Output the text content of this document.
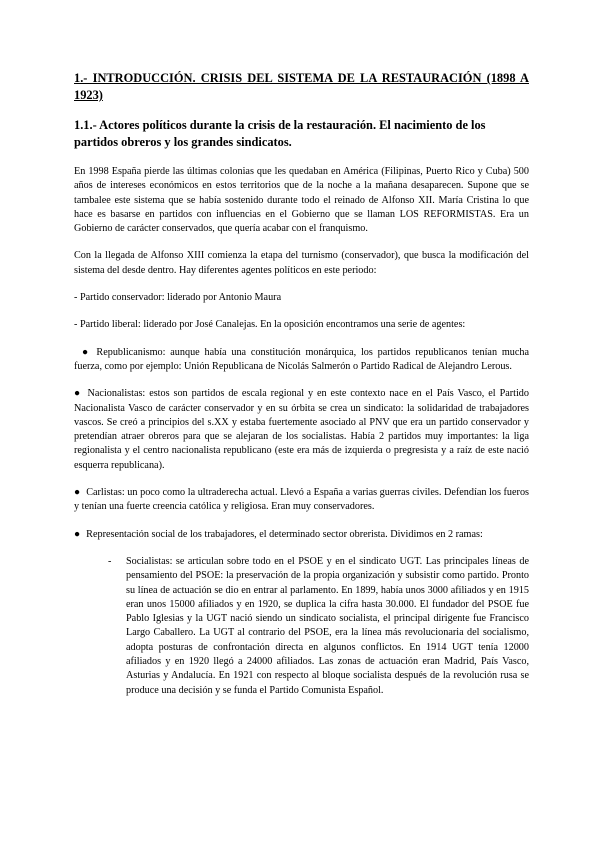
1.- INTRODUCCIÓN. CRISIS DEL SISTEMA DE LA RESTAURACIÓN (1898 A 1923)
1.1.- Actores políticos durante la crisis de la restauración. El nacimiento de los partidos obreros y los grandes sindicatos.

En 1998 España pierde las últimas colonias que les quedaban en América (Filipinas, Puerto Rico y Cuba) 500 años de intereses económicos en estos territorios que de la noche a la mañana desaparecen. Supone que se tambalee este sistema que se había sostenido durante todo el reinado de Alfonso XII. María Cristina lo que hace es basarse en partidos con influencias en el Gobierno que se llaman LOS REFORMISTAS. Era un Gobierno de carácter conservados, que quería acabar con el franquismo.

Con la llegada de Alfonso XIII comienza la etapa del turnismo (conservador), que busca la modificación del sistema del desde dentro. Hay diferentes agentes políticos en este periodo:

- Partido conservador: liderado por Antonio Maura

- Partido liberal: liderado por José Canalejas. En la oposición encontramos una serie de agentes:

● Republicanismo: aunque había una constitución monárquica, los partidos republicanos tenían mucha fuerza, como por ejemplo: Unión Republicana de Nicolás Salmerón o Partido Radical de Alejandro Lerous.

● Nacionalistas: estos son partidos de escala regional y en este contexto nace en el País Vasco, el Partido Nacionalista Vasco de carácter conservador y en su órbita se crea un sindicato: la solidaridad de trabajadores vascos. Se creó a principios del s.XX y estaba fuertemente asociado al PNV que era un partido conservador y pretendían atraer obreros para que se alejaran de los socialistas. Había 2 partidos muy importantes: la liga regionalista y el centro nacionalista republicano (este era más de izquierda o pregresista y a raíz de este nació esquerra republicana).

● Carlistas: un poco como la ultraderecha actual. Llevó a España a varias guerras civiles. Defendían los fueros y tenían una fuerte creencia católica y religiosa. Eran muy conservadores.

● Representación social de los trabajadores, el determinado sector obrerista. Dividimos en 2 ramas:

-	Socialistas: se articulan sobre todo en el PSOE y en el sindicato UGT. Las principales líneas de pensamiento del PSOE: la preservación de la propia organización y subsistir como partido. Pronto su línea de actuación se dio en entrar al parlamento. En 1899, había unos 3000 afiliados y en 1915 eran unos 15000 afiliados y en 1920, se duplica la cifra hasta 30.000. El fundador del PSOE fue Pablo Iglesias y la UGT nació siendo un sindicato socialista, el principal dirigente fue Francisco Largo Caballero. La UGT al contrario del PSOE, era la línea más revolucionaria del socialismo, adopta posturas de confrontación directa en algunos conflictos. En 1914 UGT tenía 12000 afiliados y en 1920 llegó a 24000 afiliados. Las zonas de actuación eran Madrid, País Vasco, Asturias y Andalucía. En 1921 con respecto al bloque socialista después de la revolución rusa se produce una decisión y se funda el Partido Comunista Español.
